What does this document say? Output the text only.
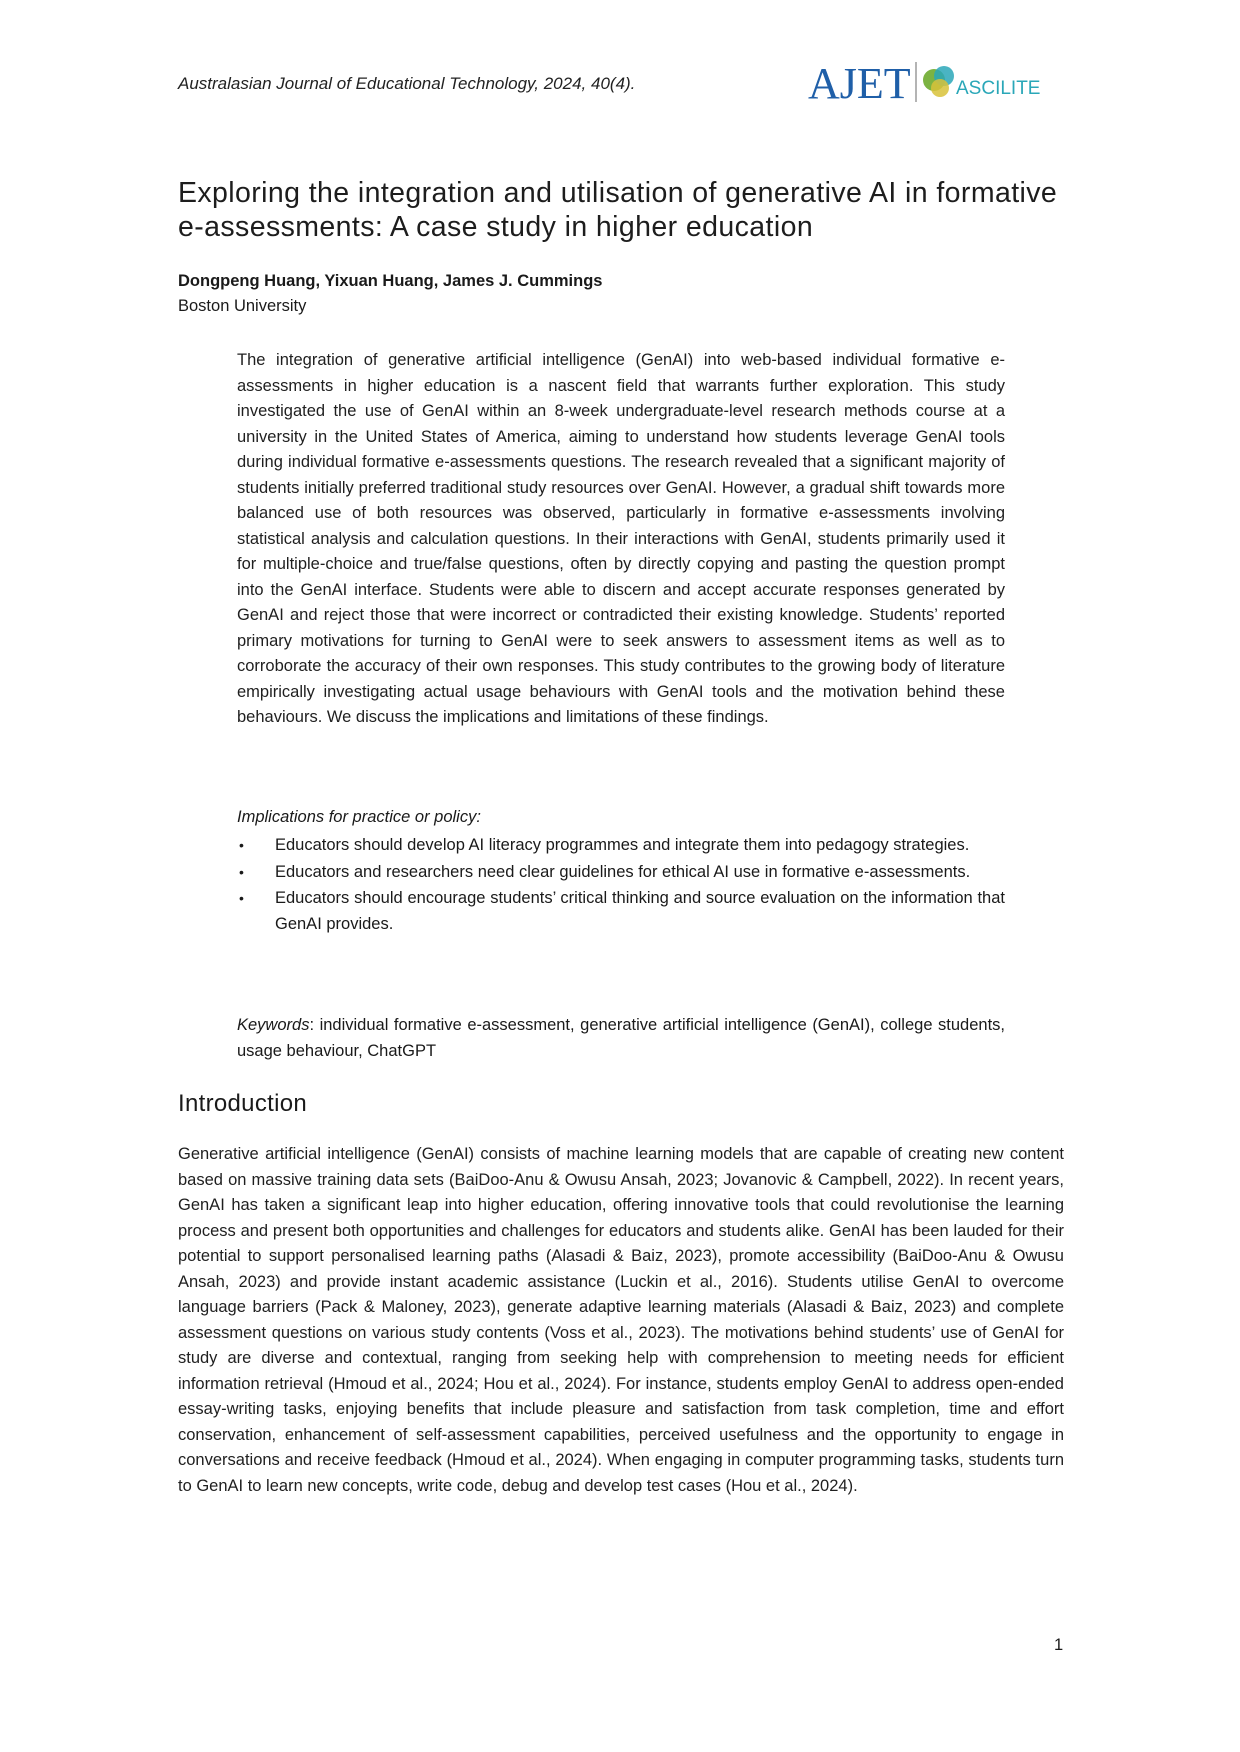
Australasian Journal of Educational Technology, 2024, 40(4).	AJET ASCILITE
Exploring the integration and utilisation of generative AI in formative e-assessments: A case study in higher education

Dongpeng Huang, Yixuan Huang, James J. Cummings

Boston University

The integration of generative artificial intelligence (GenAI) into web-based individual formative e-assessments in higher education is a nascent field that warrants further exploration. This study investigated the use of GenAI within an 8-week undergraduate-level research methods course at a university in the United States of America, aiming to understand how students leverage GenAI tools during individual formative e-assessments questions. The research revealed that a significant majority of students initially preferred traditional study resources over GenAI. However, a gradual shift towards more balanced use of both resources was observed, particularly in formative e-assessments involving statistical analysis and calculation questions. In their interactions with GenAI, students primarily used it for multiple-choice and true/false questions, often by directly copying and pasting the question prompt into the GenAI interface. Students were able to discern and accept accurate responses generated by GenAI and reject those that were incorrect or contradicted their existing knowledge. Students’ reported primary motivations for turning to GenAI were to seek answers to assessment items as well as to corroborate the accuracy of their own responses. This study contributes to the growing body of literature empirically investigating actual usage behaviours with GenAI tools and the motivation behind these behaviours. We discuss the implications and limitations of these findings.

Implications for practice or policy:

• Educators should develop AI literacy programmes and integrate them into pedagogy strategies.
• Educators and researchers need clear guidelines for ethical AI use in formative e-assessments.
• Educators should encourage students’ critical thinking and source evaluation on the information that GenAI provides.

Keywords: individual formative e-assessment, generative artificial intelligence (GenAI), college students, usage behaviour, ChatGPT

Introduction

Generative artificial intelligence (GenAI) consists of machine learning models that are capable of creating new content based on massive training data sets (BaiDoo-Anu & Owusu Ansah, 2023; Jovanovic & Campbell, 2022). In recent years, GenAI has taken a significant leap into higher education, offering innovative tools that could revolutionise the learning process and present both opportunities and challenges for educators and students alike. GenAI has been lauded for their potential to support personalised learning paths (Alasadi & Baiz, 2023), promote accessibility (BaiDoo-Anu & Owusu Ansah, 2023) and provide instant academic assistance (Luckin et al., 2016). Students utilise GenAI to overcome language barriers (Pack & Maloney, 2023), generate adaptive learning materials (Alasadi & Baiz, 2023) and complete assessment questions on various study contents (Voss et al., 2023). The motivations behind students’ use of GenAI for study are diverse and contextual, ranging from seeking help with comprehension to meeting needs for efficient information retrieval (Hmoud et al., 2024; Hou et al., 2024). For instance, students employ GenAI to address open-ended essay-writing tasks, enjoying benefits that include pleasure and satisfaction from task completion, time and effort conservation, enhancement of self-assessment capabilities, perceived usefulness and the opportunity to engage in conversations and receive feedback (Hmoud et al., 2024). When engaging in computer programming tasks, students turn to GenAI to learn new concepts, write code, debug and develop test cases (Hou et al., 2024).

1
